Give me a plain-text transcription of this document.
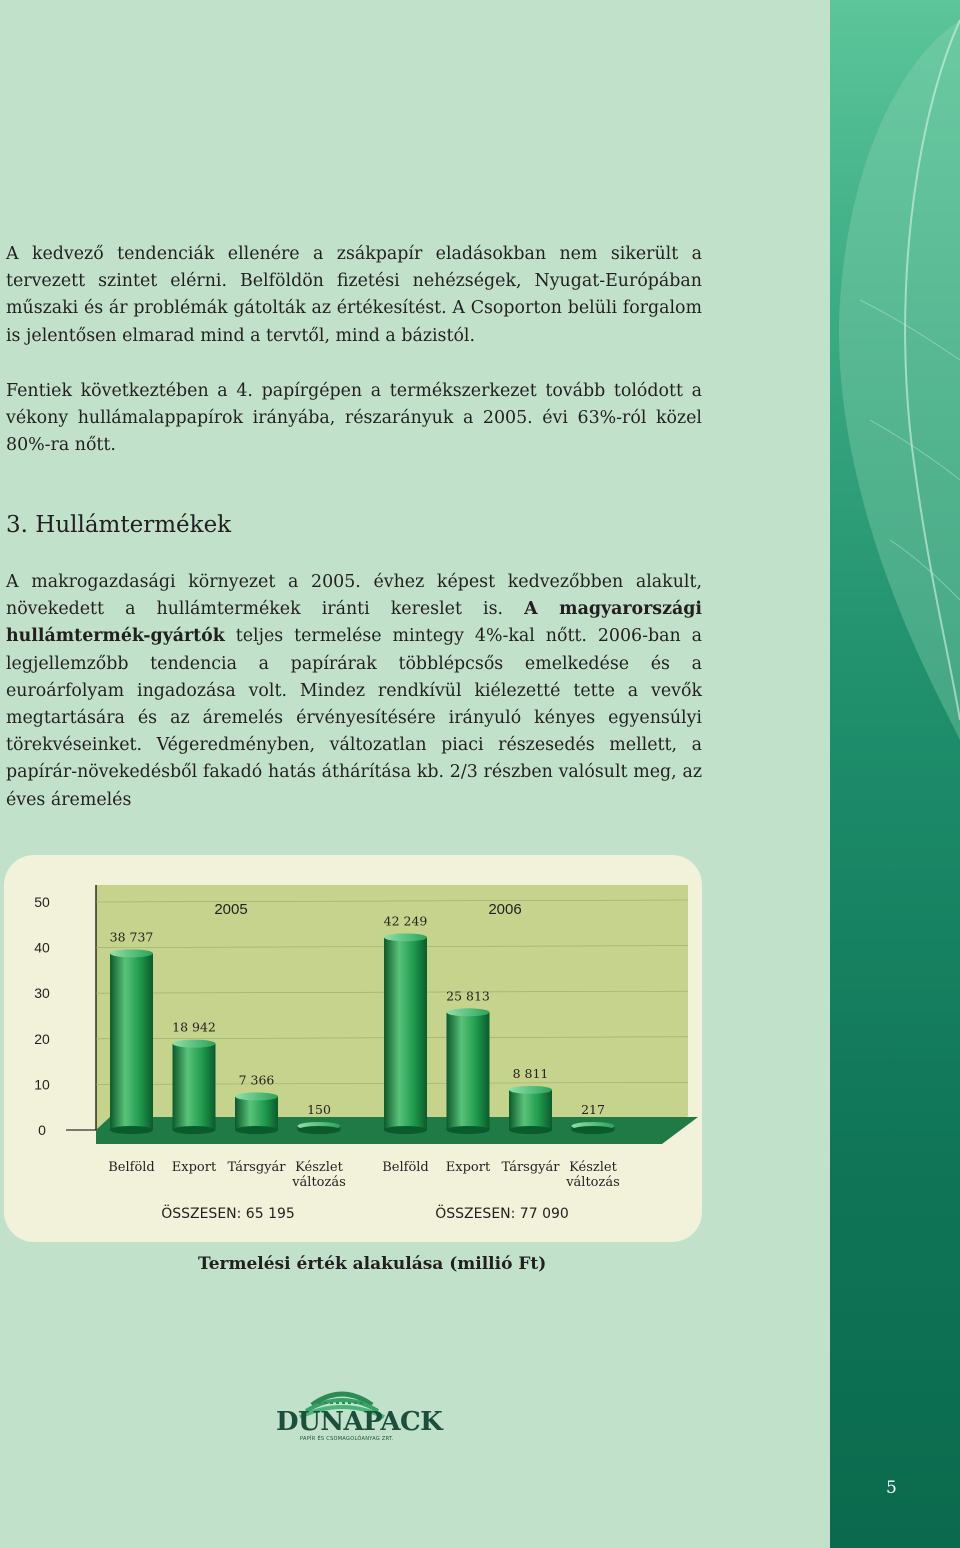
A kedvező tendenciák ellenére a zsákpapír eladásokban nem sikerült a tervezett szintet elérni. Belföldön fizetési nehézségek, Nyugat-Európában műszaki és ár problémák gátolták az értékesítést. A Csoporton belüli forgalom is jelentősen elmarad mind a tervtől, mind a bázistól.

Fentiek következtében a 4. papírgépen a termékszerkezet tovább tolódott a vékony hullámalappapírok irányába, részarányuk a 2005. évi 63%-ról közel 80%-ra nőtt.

3. Hullámtermékek

A makrogazdasági környezet a 2005. évhez képest kedvezőbben alakult, növekedett a hullámtermékek iránti kereslet is. A magyarországi hullámtermék-gyártók teljes termelése mintegy 4%-kal nőtt. 2006-ban a legjellemzőbb tendencia a papírárak többlépcsős emelkedése és a euroárfolyam ingadozása volt. Mindez rendkívül kiélezetté tette a vevők megtartására és az áremelés érvényesítésére irányuló kényes egyensúlyi törekvéseinket. Végeredményben, változatlan piaci részesedés mellett, a papírár-növekedésből fakadó hatás áthárítása kb. 2/3 részben valósult meg, az éves áremelés

50
40
30
20
10
0
2005
38 737
Belföld
18 942
Export
7 366
Társgyár
150
Készlet
változás
ÖSSZESEN: 65 195
2006
42 249
Belföld
25 813
Export
8 811
Társgyár
217
Készlet
változás
ÖSSZESEN: 77 090
Termelési érték alakulása (millió Ft)
DUNAPACK
PAPÍR ÉS CSOMAGOLÓANYAG ZRT.
5
